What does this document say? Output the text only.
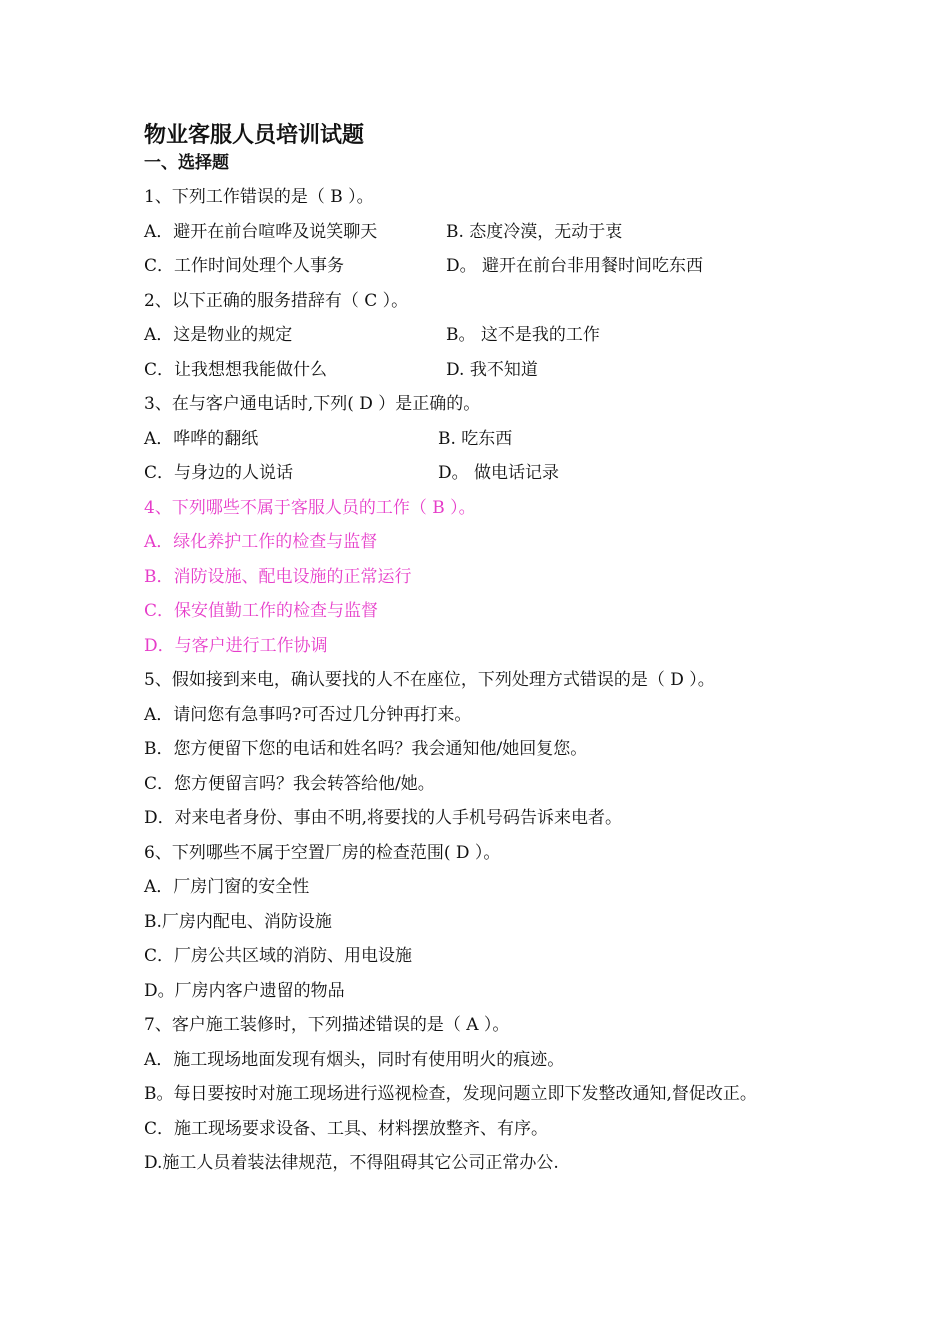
物业客服人员培训试题
一、选择题
1、下列工作错误的是（ B ）。
A．避开在前台喧哗及说笑聊天	B. 态度冷漠，无动于衷
C．工作时间处理个人事务	D。 避开在前台非用餐时间吃东西
2、以下正确的服务措辞有（ C ）。
A．这是物业的规定	B。 这不是我的工作
C．让我想想我能做什么	D. 我不知道
3、在与客户通电话时,下列( D ）是正确的。
A．哗哗的翻纸	B. 吃东西
C．与身边的人说话	D。 做电话记录
4、下列哪些不属于客服人员的工作（ B ）。
A．绿化养护工作的检查与监督
B．消防设施、配电设施的正常运行
C．保安值勤工作的检查与监督
D．与客户进行工作协调
5、假如接到来电，确认要找的人不在座位，下列处理方式错误的是（ D ）。
A．请问您有急事吗?可否过几分钟再打来。
B．您方便留下您的电话和姓名吗？我会通知他/她回复您。
C．您方便留言吗？我会转答给他/她。
D．对来电者身份、事由不明,将要找的人手机号码告诉来电者。
6、下列哪些不属于空置厂房的检查范围( D ）。
A．厂房门窗的安全性
B.厂房内配电、消防设施
C．厂房公共区域的消防、用电设施
D。厂房内客户遗留的物品
7、客户施工装修时，下列描述错误的是（ A ）。
A．施工现场地面发现有烟头，同时有使用明火的痕迹。
B。每日要按时对施工现场进行巡视检查，发现问题立即下发整改通知,督促改正。
C．施工现场要求设备、工具、材料摆放整齐、有序。
D.施工人员着装法律规范，不得阻碍其它公司正常办公.
